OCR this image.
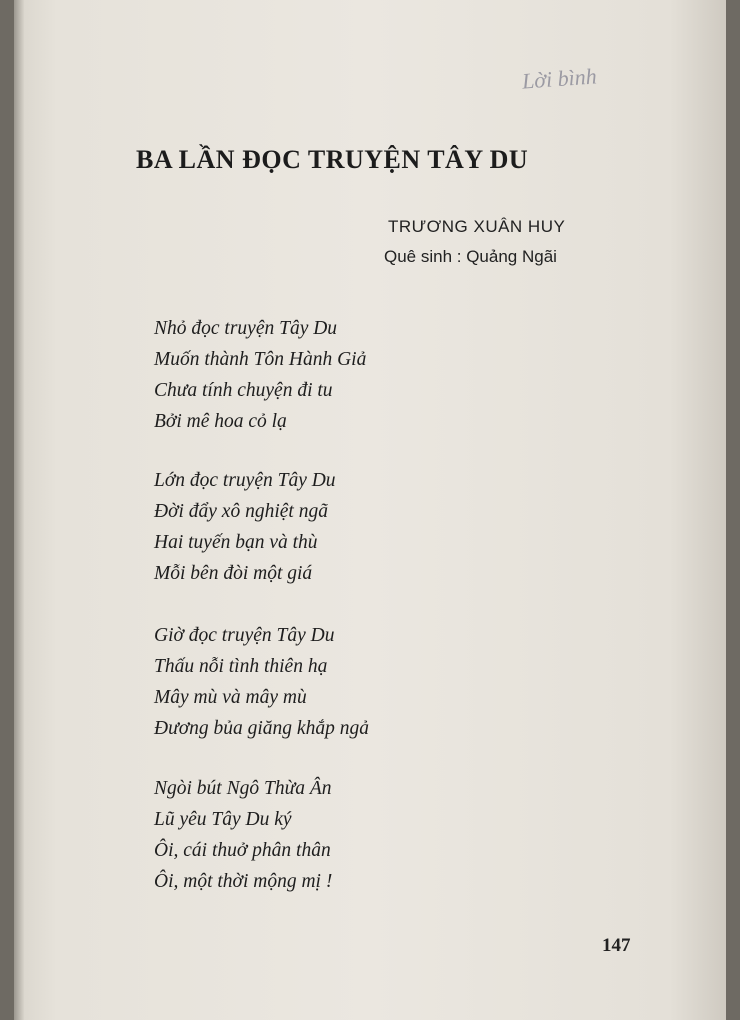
Lời bình
BA LẦN ĐỌC TRUYỆN TÂY DU
TRƯƠNG XUÂN HUY
Quê sinh : Quảng Ngãi
Nhỏ đọc truyện Tây Du
Muốn thành Tôn Hành Giả
Chưa tính chuyện đi tu
Bởi mê hoa cỏ lạ
Lớn đọc truyện Tây Du
Đời đẩy xô nghiệt ngã
Hai tuyến bạn và thù
Mỗi bên đòi một giá
Giờ đọc truyện Tây Du
Thấu nỗi tình thiên hạ
Mây mù và mây mù
Đương bủa giăng khắp ngả
Ngòi bút Ngô Thừa Ân
Lũ yêu Tây Du ký
Ôi, cái thuở phân thân
Ôi, một thời mộng mị !
147
